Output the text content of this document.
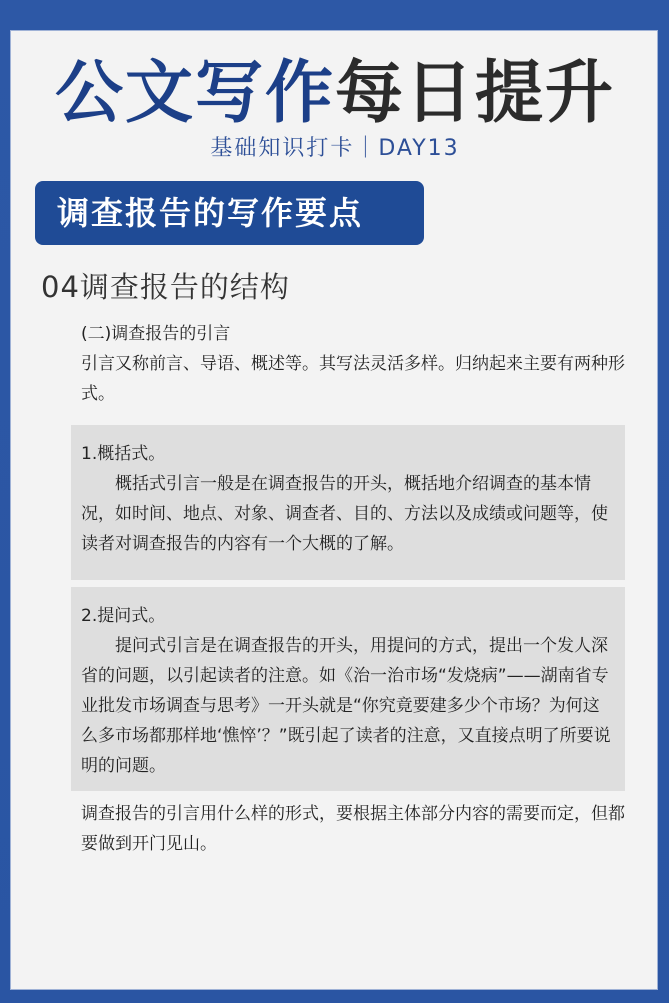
公文写作每日提升
基础知识打卡｜DAY13
调查报告的写作要点
04调查报告的结构
(二)调查报告的引言
引言又称前言、导语、概述等。其写法灵活多样。归纳起来主要有两种形式。
1.概括式。
概括式引言一般是在调查报告的开头，概括地介绍调查的基本情况，如时间、地点、对象、调查者、目的、方法以及成绩或问题等，使读者对调查报告的内容有一个大概的了解。
2.提问式。
提问式引言是在调查报告的开头，用提问的方式，提出一个发人深省的问题，以引起读者的注意。如《治一治市场“发烧病”——湖南省专业批发市场调查与思考》一开头就是“你究竟要建多少个市场？为何这么多市场都那样地‘憔悴’？”既引起了读者的注意，又直接点明了所要说明的问题。
调查报告的引言用什么样的形式，要根据主体部分内容的需要而定，但都要做到开门见山。
